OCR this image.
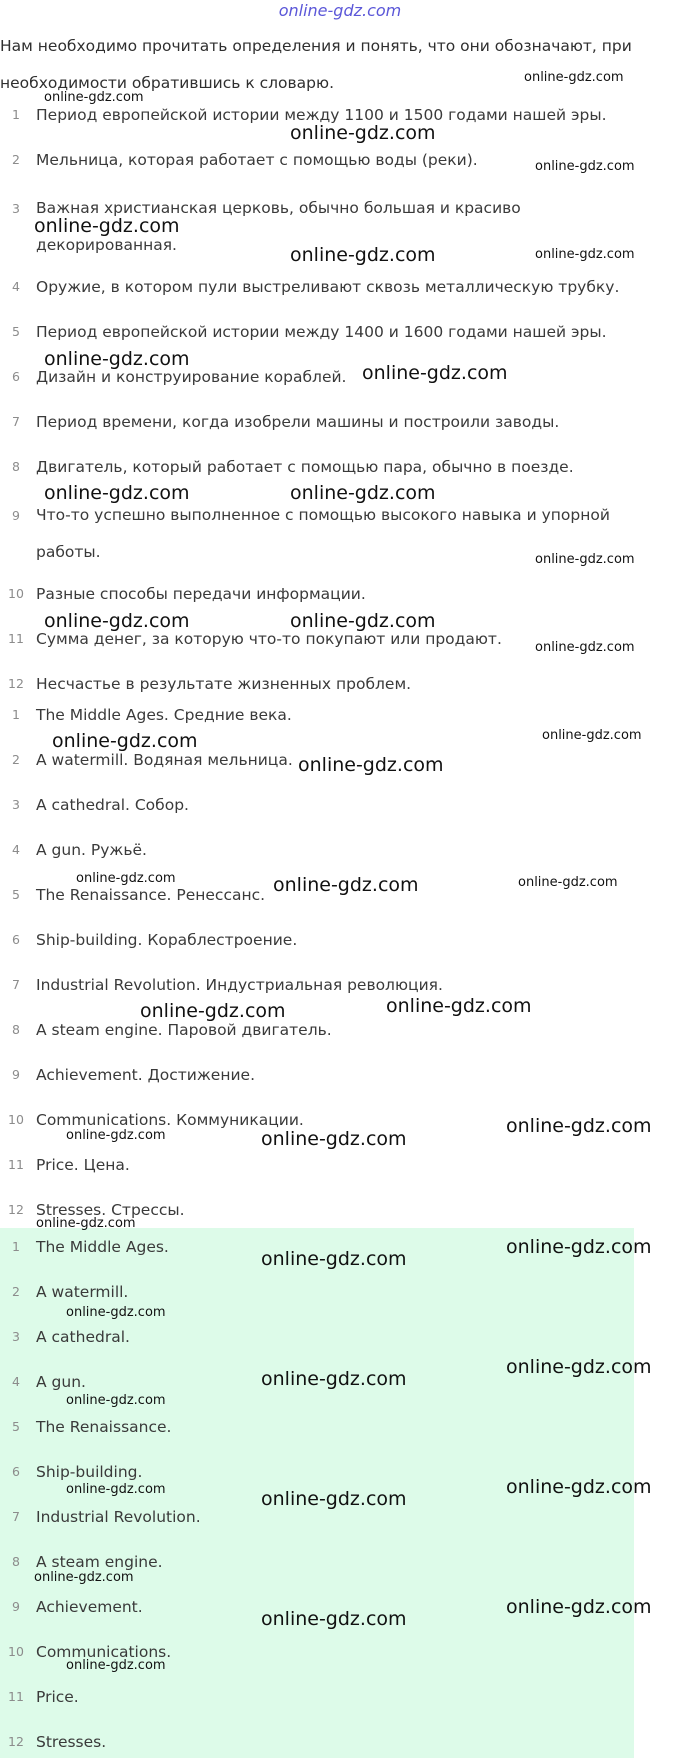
online-gdz.com

Нам необходимо прочитать определения и понять, что они обозначают, при необходимости обратившись к словарю.

1	Период европейской истории между 1100 и 1500 годами нашей эры.
2	Мельница, которая работает с помощью воды (реки).
3	Важная христианская церковь, обычно большая и красиво декорированная.
4	Оружие, в котором пули выстреливают сквозь металлическую трубку.
5	Период европейской истории между 1400 и 1600 годами нашей эры.
6	Дизайн и конструирование кораблей.
7	Период времени, когда изобрели машины и построили заводы.
8	Двигатель, который работает с помощью пара, обычно в поезде.
9	Что-то успешно выполненное с помощью высокого навыка и упорной работы.
10 Разные способы передачи информации.
11 Сумма денег, за которую что-то покупают или продают.
12 Несчастье в результате жизненных проблем.
1	The Middle Ages. Средние века.
2	A watermill. Водяная мельница.
3	A cathedral. Собор.
4	A gun. Ружьё.
5	The Renaissance. Ренессанс.
6	Ship-building. Кораблестроение.
7	Industrial Revolution. Индустриальная революция.
8	A steam engine. Паровой двигатель.
9	Achievement. Достижение.
10 Communications. Коммуникации.
11 Price. Цена.
12 Stresses. Стрессы.
1	The Middle Ages.
2	A watermill.
3	A cathedral.
4	A gun.
5	The Renaissance.
6	Ship-building.
7	Industrial Revolution.
8	A steam engine.
9	Achievement.
10 Communications.
11 Price.
12 Stresses.
online-gdz.com
online-gdz.com
online-gdz.com
online-gdz.com
online-gdz.com
online-gdz.com	online-gdz.com
online-gdz.com
online-gdz.com
online-gdz.com	online-gdz.com
online-gdz.com
online-gdz.com	online-gdz.com
online-gdz.com
online-gdz.com	online-gdz.com
online-gdz.com
online-gdz.com	online-gdz.com	online-gdz.com
online-gdz.com
online-gdz.com
online-gdz.com
online-gdz.com	online-gdz.com
online-gdz.com
online-gdz.com
online-gdz.com
online-gdz.com
online-gdz.com
online-gdz.com
online-gdz.com
online-gdz.com	online-gdz.com
online-gdz.com
online-gdz.com
online-gdz.com
online-gdz.com
online-gdz.com
